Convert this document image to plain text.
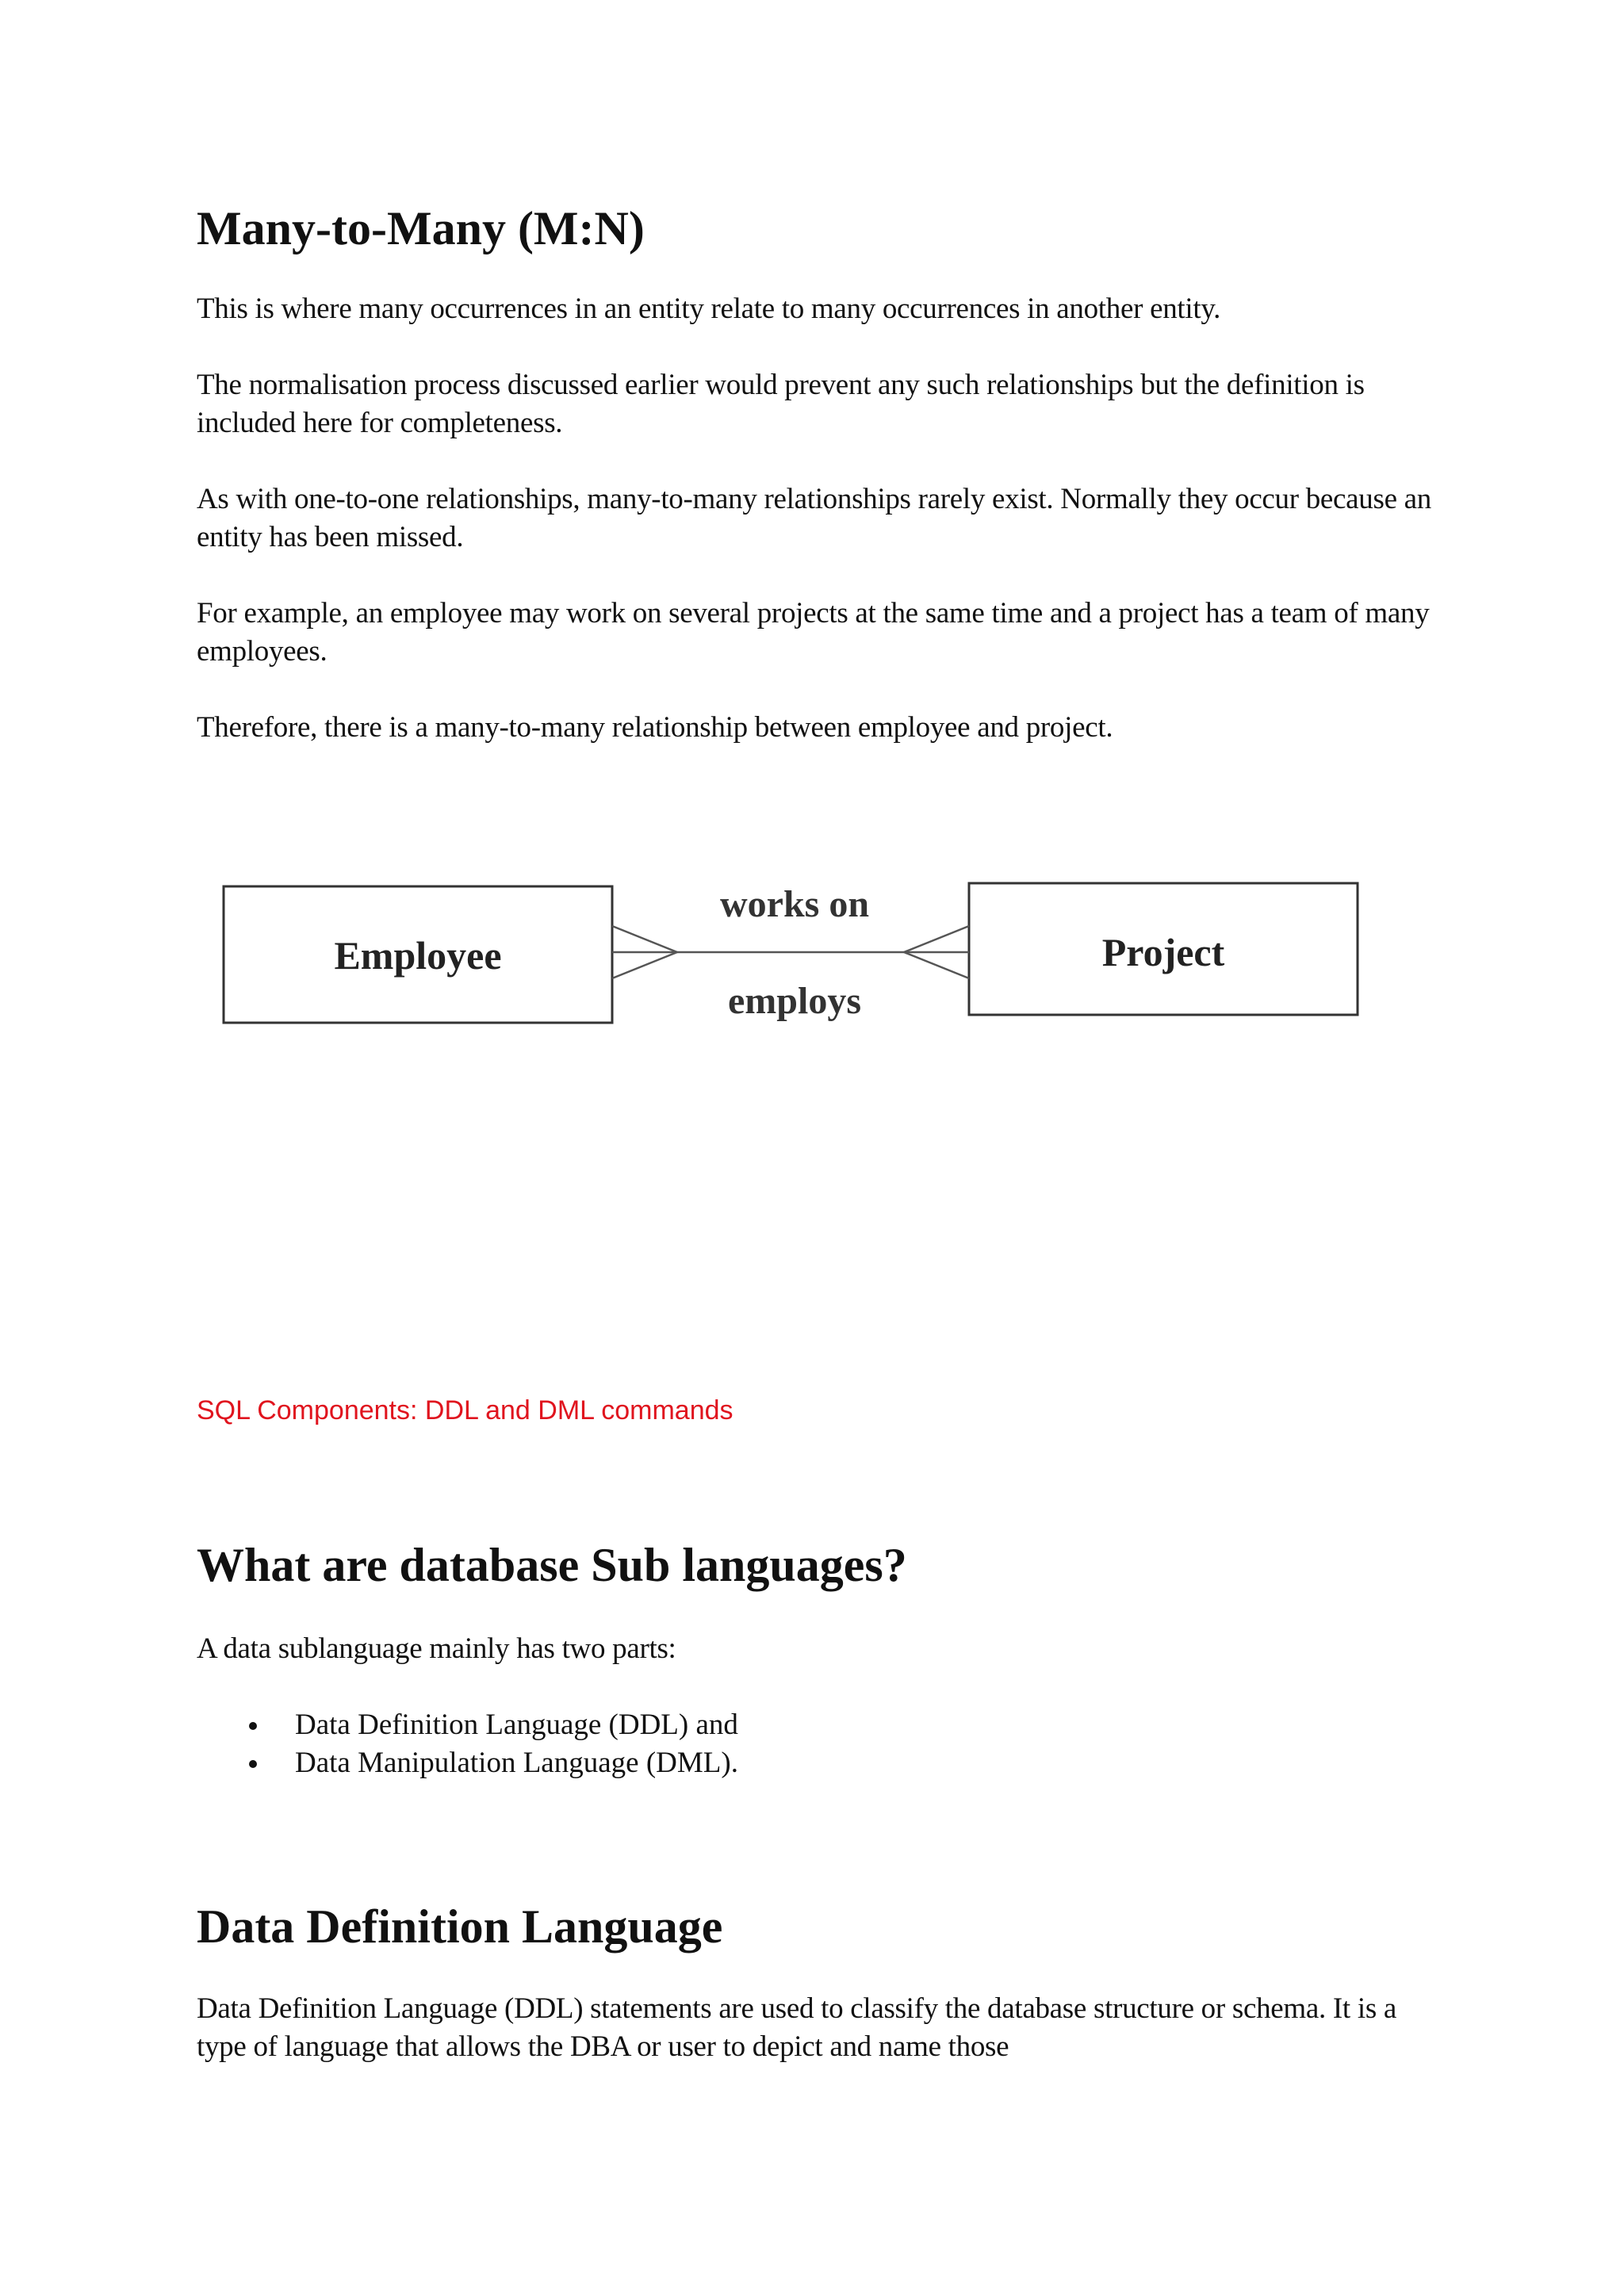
Many-to-Many (M:N)

This is where many occurrences in an entity relate to many occurrences in another entity.

The normalisation process discussed earlier would prevent any such relationships but the definition is included here for completeness.

As with one-to-one relationships, many-to-many relationships rarely exist. Normally they occur because an entity has been missed.

For example, an employee may work on several projects at the same time and a project has a team of many employees.

Therefore, there is a many-to-many relationship between employee and project.

Employee	Project
works on
employs

SQL Components: DDL and DML commands

What are database Sub languages?

A data sublanguage mainly has two parts:

Data Definition Language (DDL) and
Data Manipulation Language (DML).
Data Definition Language

Data Definition Language (DDL) statements are used to classify the database structure or schema. It is a type of language that allows the DBA or user to depict and name those
